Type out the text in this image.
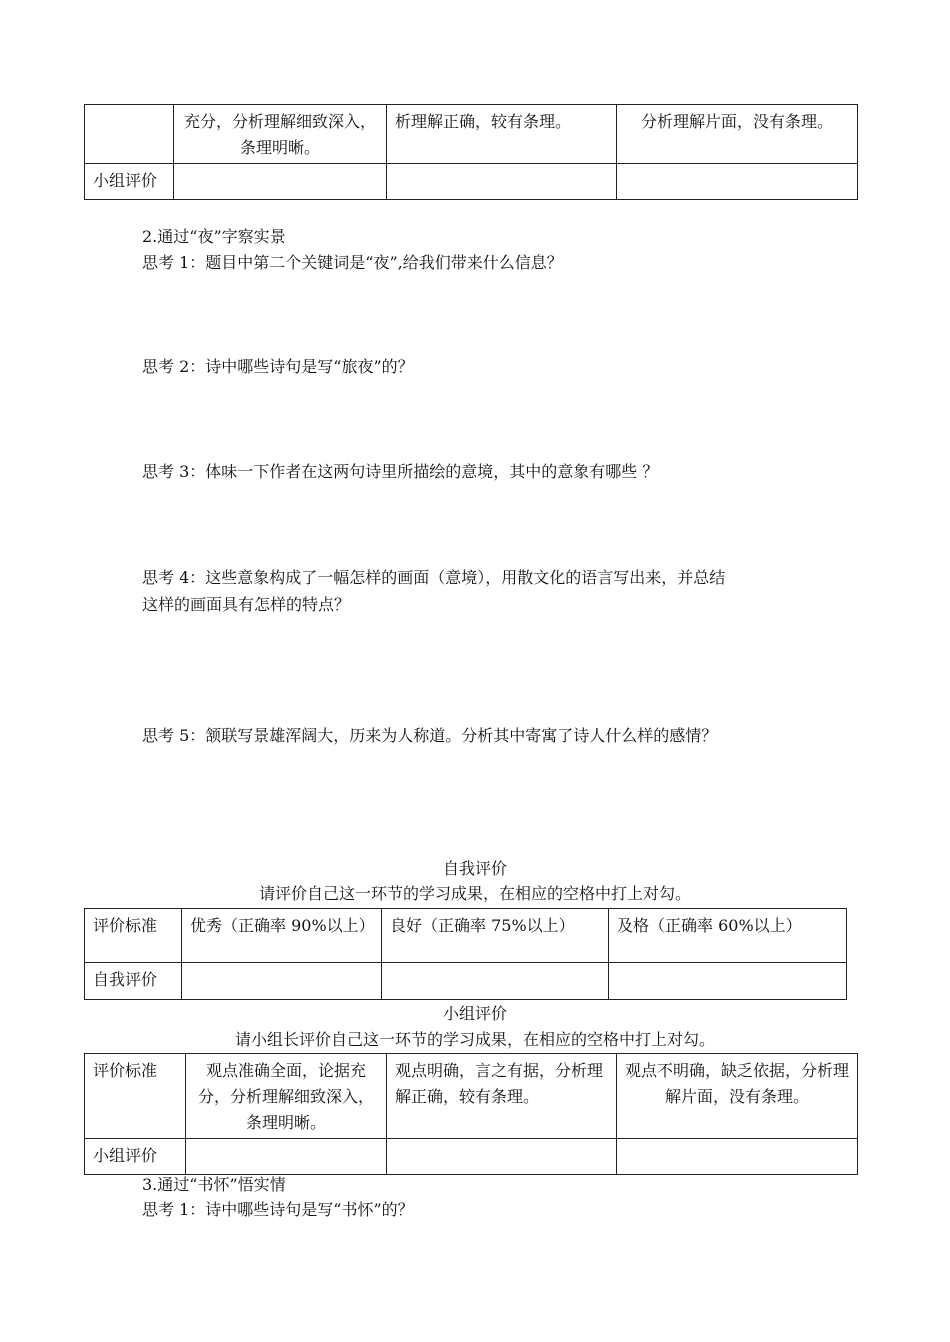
	充分，分析理解细致深入，条理明晰。	析理解正确，较有条理。	分析理解片面，没有条理。
小组评价			
2.通过“夜”字察实景
思考 1：题目中第二个关键词是“夜”,给我们带来什么信息？
思考 2：诗中哪些诗句是写“旅夜”的？
思考 3：体味一下作者在这两句诗里所描绘的意境，其中的意象有哪些 ？
思考 4：这些意象构成了一幅怎样的画面（意境），用散文化的语言写出来，并总结
这样的画面具有怎样的特点？
思考 5：颔联写景雄浑阔大，历来为人称道。分析其中寄寓了诗人什么样的感情？
自我评价
请评价自己这一环节的学习成果，在相应的空格中打上对勾。
评价标准	优秀（正确率 90%以上）	良好（正确率 75%以上）	及格（正确率 60%以上）
自我评价			
小组评价
请小组长评价自己这一环节的学习成果，在相应的空格中打上对勾。
评价标准	观点准确全面，论据充分，分析理解细致深入，条理明晰。	观点明确，言之有据，分析理解正确，较有条理。	观点不明确，缺乏依据，分析理解片面，没有条理。
小组评价			
3.通过“书怀”悟实情
思考 1：诗中哪些诗句是写“书怀”的？
